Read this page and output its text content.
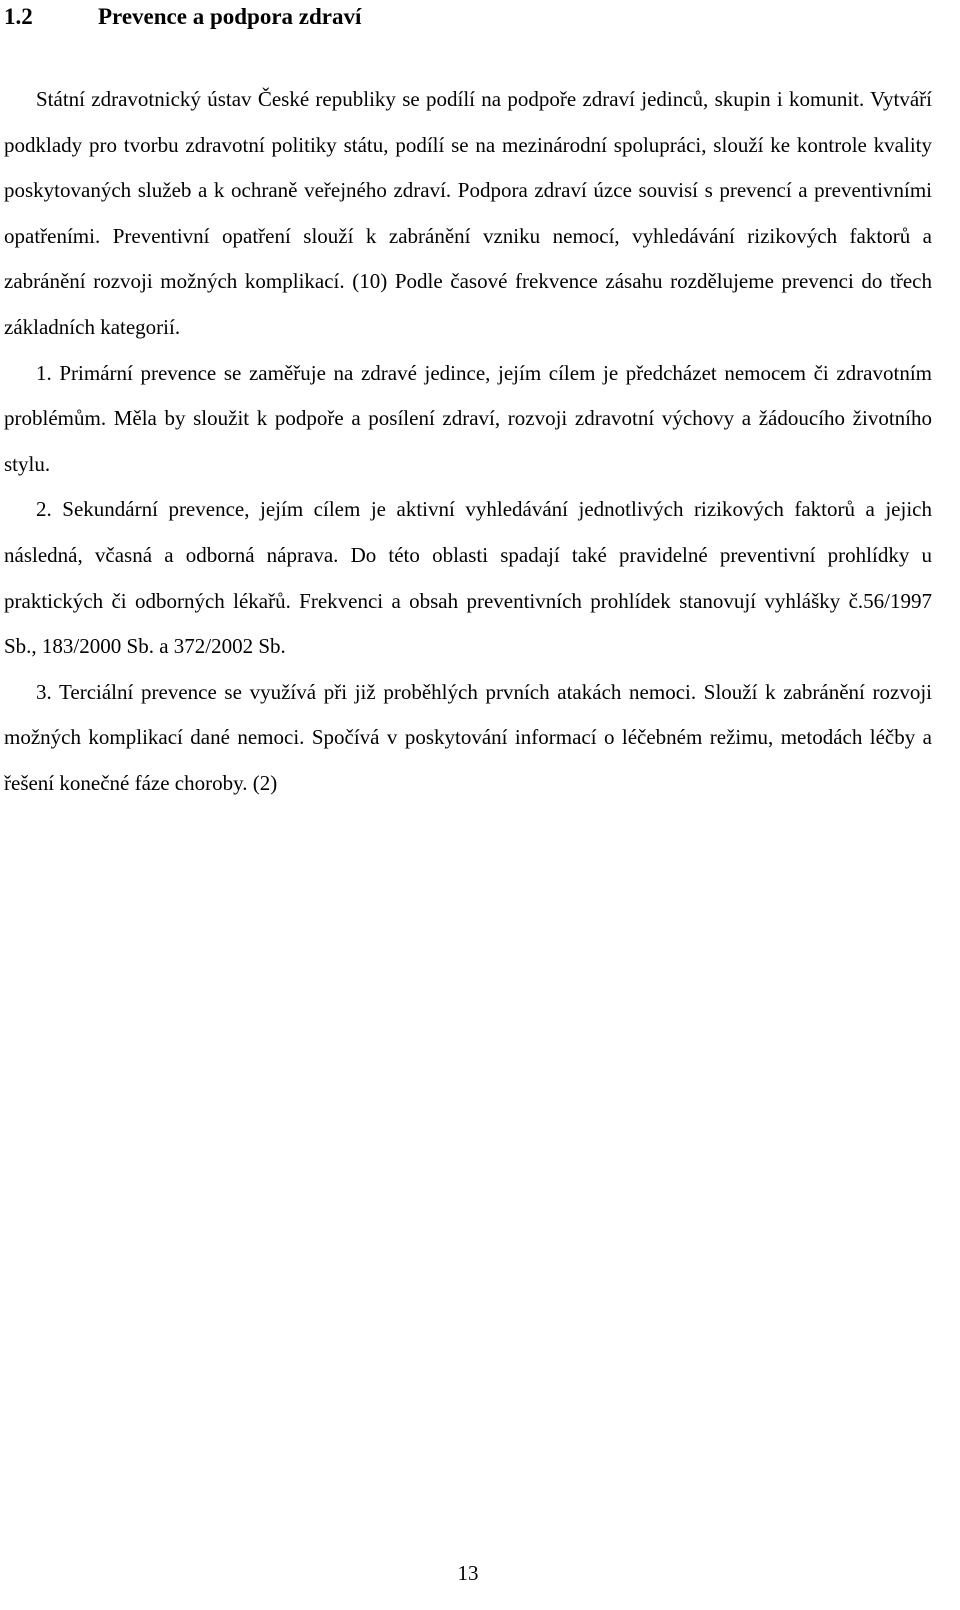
1.2	Prevence a podpora zdraví

Státní zdravotnický ústav České republiky se podílí na podpoře zdraví jedinců, skupin i komunit. Vytváří podklady pro tvorbu zdravotní politiky státu, podílí se na mezinárodní spolupráci, slouží ke kontrole kvality poskytovaných služeb a k ochraně veřejného zdraví. Podpora zdraví úzce souvisí s prevencí a preventivními opatřeními. Preventivní opatření slouží k zabránění vzniku nemocí, vyhledávání rizikových faktorů a zabránění rozvoji možných komplikací. (10) Podle časové frekvence zásahu rozdělujeme prevenci do třech základních kategorií.

1. Primární prevence se zaměřuje na zdravé jedince, jejím cílem je předcházet nemocem či zdravotním problémům. Měla by sloužit k podpoře a posílení zdraví, rozvoji zdravotní výchovy a žádoucího životního stylu.

2. Sekundární prevence, jejím cílem je aktivní vyhledávání jednotlivých rizikových faktorů a jejich následná, včasná a odborná náprava. Do této oblasti spadají také pravidelné preventivní prohlídky u praktických či odborných lékařů. Frekvenci a obsah preventivních prohlídek stanovují vyhlášky č.56/1997 Sb., 183/2000 Sb. a 372/2002 Sb.

3. Terciální prevence se využívá při již proběhlých prvních atakách nemoci. Slouží k zabránění rozvoji možných komplikací dané nemoci. Spočívá v poskytování informací o léčebném režimu, metodách léčby a řešení konečné fáze choroby. (2)

13
